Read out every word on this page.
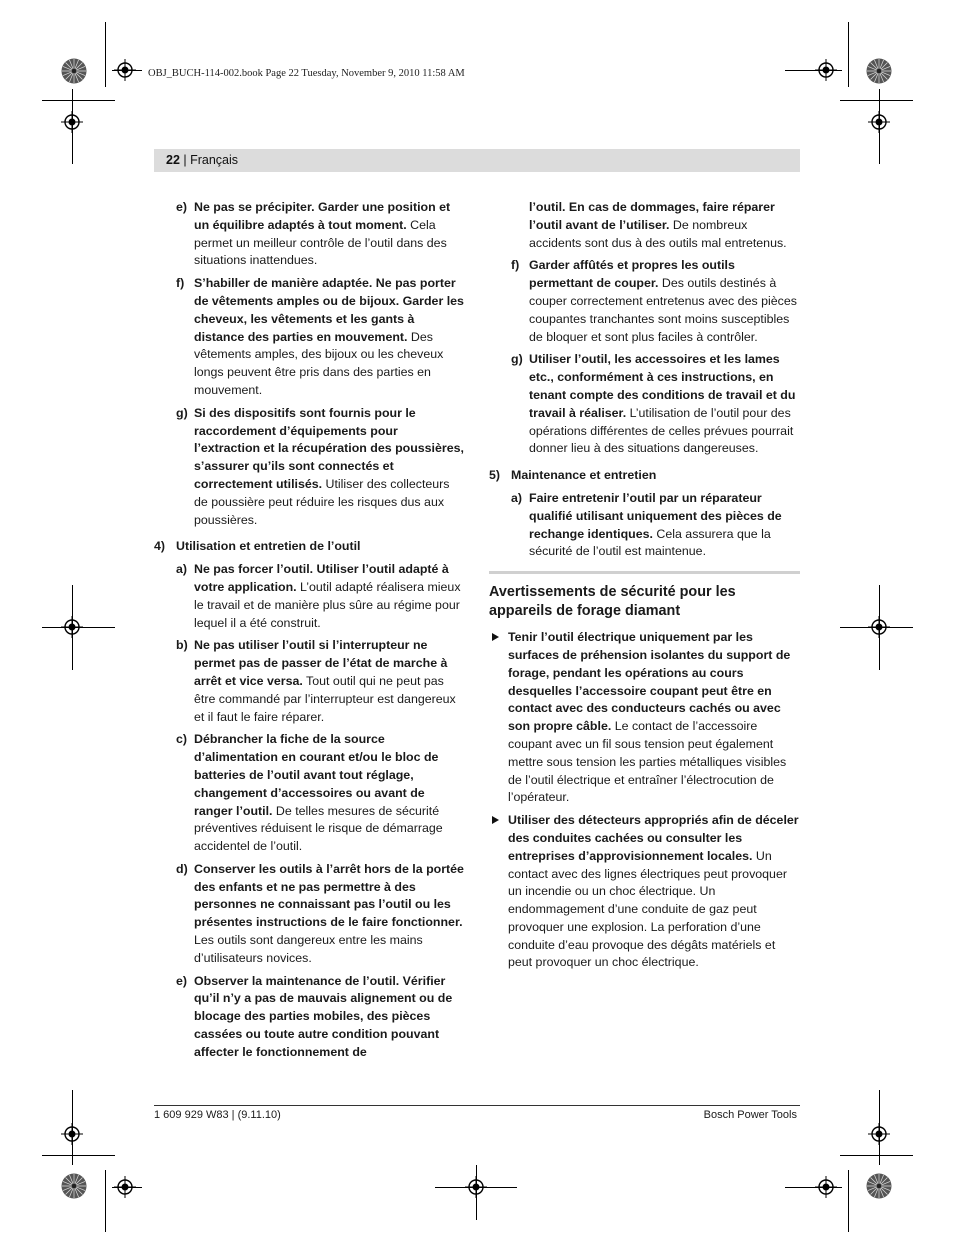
OBJ_BUCH-114-002.book Page 22 Tuesday, November 9, 2010 11:58 AM
22 | Français
e) Ne pas se précipiter. Garder une position et un équilibre adaptés à tout moment. Cela permet un meilleur contrôle de l’outil dans des situations inattendues.
f) S’habiller de manière adaptée. Ne pas porter de vêtements amples ou de bijoux. Garder les cheveux, les vêtements et les gants à distance des parties en mouvement. Des vêtements amples, des bijoux ou les cheveux longs peuvent être pris dans des parties en mouvement.
g) Si des dispositifs sont fournis pour le raccordement d’équipements pour l’extraction et la récupération des poussières, s’assurer qu’ils sont connectés et correctement utilisés. Utiliser des collecteurs de poussière peut réduire les risques dus aux poussières.
4) Utilisation et entretien de l’outil
a) Ne pas forcer l’outil. Utiliser l’outil adapté à votre application. L’outil adapté réalisera mieux le travail et de manière plus sûre au régime pour lequel il a été construit.
b) Ne pas utiliser l’outil si l’interrupteur ne permet pas de passer de l’état de marche à arrêt et vice versa. Tout outil qui ne peut pas être commandé par l’interrupteur est dangereux et il faut le faire réparer.
c) Débrancher la fiche de la source d’alimentation en courant et/ou le bloc de batteries de l’outil avant tout réglage, changement d’accessoires ou avant de ranger l’outil. De telles mesures de sécurité préventives réduisent le risque de démarrage accidentel de l’outil.
d) Conserver les outils à l’arrêt hors de la portée des enfants et ne pas permettre à des personnes ne connaissant pas l’outil ou les présentes instructions de le faire fonctionner. Les outils sont dangereux entre les mains d’utilisateurs novices.
e) Observer la maintenance de l’outil. Vérifier qu’il n’y a pas de mauvais alignement ou de blocage des parties mobiles, des pièces cassées ou toute autre condition pouvant affecter le fonctionnement de
l’outil. En cas de dommages, faire réparer l’outil avant de l’utiliser. De nombreux accidents sont dus à des outils mal entretenus.
f) Garder affûtés et propres les outils permettant de couper. Des outils destinés à couper correctement entretenus avec des pièces coupantes tranchantes sont moins susceptibles de bloquer et sont plus faciles à contrôler.
g) Utiliser l’outil, les accessoires et les lames etc., conformément à ces instructions, en tenant compte des conditions de travail et du travail à réaliser. L’utilisation de l’outil pour des opérations différentes de celles prévues pourrait donner lieu à des situations dangereuses.
5) Maintenance et entretien
a) Faire entretenir l’outil par un réparateur qualifié utilisant uniquement des pièces de rechange identiques. Cela assurera que la sécurité de l’outil est maintenue.
Avertissements de sécurité pour les appareils de forage diamant
Tenir l’outil électrique uniquement par les surfaces de préhension isolantes du support de forage, pendant les opérations au cours desquelles l’accessoire coupant peut être en contact avec des conducteurs cachés ou avec son propre câble. Le contact de l’accessoire coupant avec un fil sous tension peut également mettre sous tension les parties métalliques visibles de l’outil électrique et entraîner l’électrocution de l’opérateur.
Utiliser des détecteurs appropriés afin de déceler des conduites cachées ou consulter les entreprises d’approvisionnement locales. Un contact avec des lignes électriques peut provoquer un incendie ou un choc électrique. Un endommagement d’une conduite de gaz peut provoquer une explosion. La perforation d’une conduite d’eau provoque des dégâts matériels et peut provoquer un choc électrique.
1 609 929 W83 | (9.11.10)	Bosch Power Tools
